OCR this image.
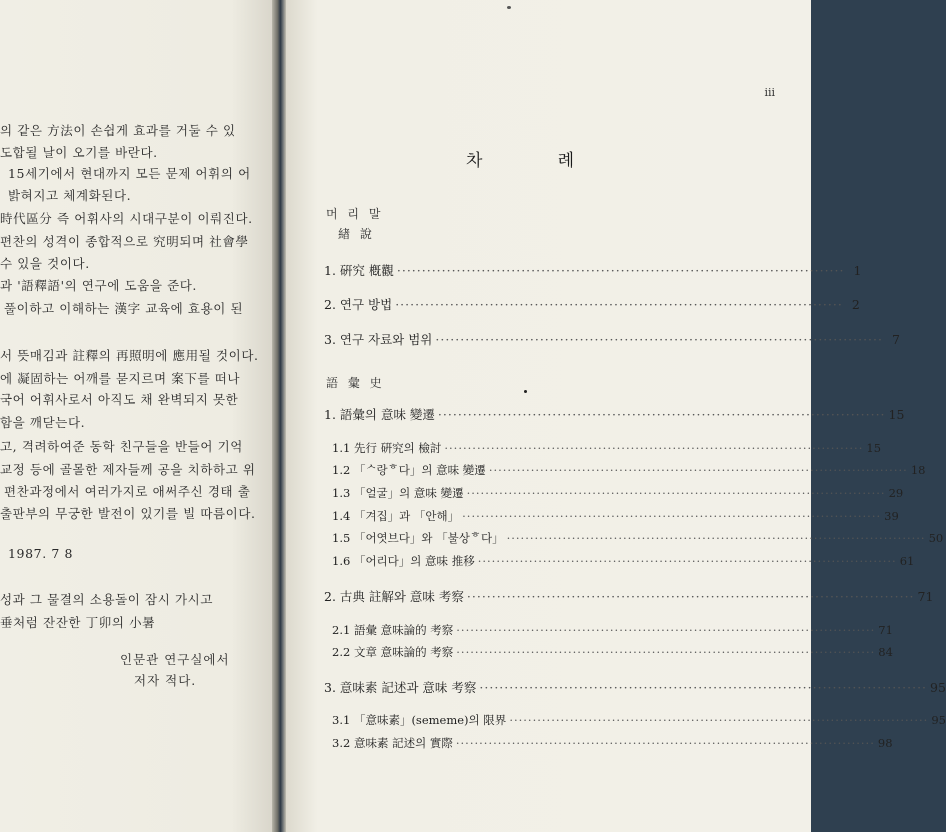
의 같은 方法이 손쉽게 효과를 거둘 수 있
도합될 날이 오기를 바란다.
15세기에서 현대까지 모든 문제 어휘의 어
밝혀지고 체계화된다.
時代區分 즉 어휘사의 시대구분이 이뤄진다.
편찬의 성격이 종합적으로 究明되며 社會學
수 있을 것이다.
과 '語釋語'의 연구에 도움을 준다.
풀이하고 이해하는 漢字 교육에 효용이 된
서 뜻매김과 註釋의 再照明에 應用될 것이다.
에 凝固하는 어깨를 묻지르며 案下를 떠나
국어 어휘사로서 아직도 채 완벽되지 못한
함을 깨닫는다.
고, 격려하여준 동학 친구들을 반들어 기억
교정 등에 골몰한 제자들께 공을 치하하고 위
편찬과정에서 여러가지로 애써주신 경태 출
출판부의 무궁한 발전이 있기를 빌 따름이다.
1987. 7 8
성과 그 물결의 소용돌이 잠시 가시고
垂처럼 잔잔한 丁卯의 小暑
인문관 연구실에서
저자 적다.
iii
차	례
머 리 말
緖 說
1. 硏究 槪觀 ·························································································· 1
2. 연구 방법 ·························································································· 2
3. 연구 자료와 범위 ·························································································· 7
語 彙 史
1. 語彙의 意味 變遷 ·························································································· 15
1.1 先行 硏究의 檢討 ·························································································· 15
1.2 「ᄉ랑ᄒ다」의 意味 變遷 ·························································································· 18
1.3 「얼굴」의 意味 變遷 ·························································································· 29
1.4 「겨집」과 「안해」 ·························································································· 39
1.5 「어엿브다」와 「불상ᄒ다」 ·························································································· 50
1.6 「어리다」의 意味 推移 ·························································································· 61
2. 古典 註解와 意味 考察 ·························································································· 71
2.1 語彙 意味論的 考察 ·························································································· 71
2.2 文章 意味論的 考察 ·························································································· 84
3. 意味素 記述과 意味 考察 ·························································································· 95
3.1 「意味素」(sememe)의 限界 ·························································································· 95
3.2 意味素 記述의 實際 ·························································································· 98
